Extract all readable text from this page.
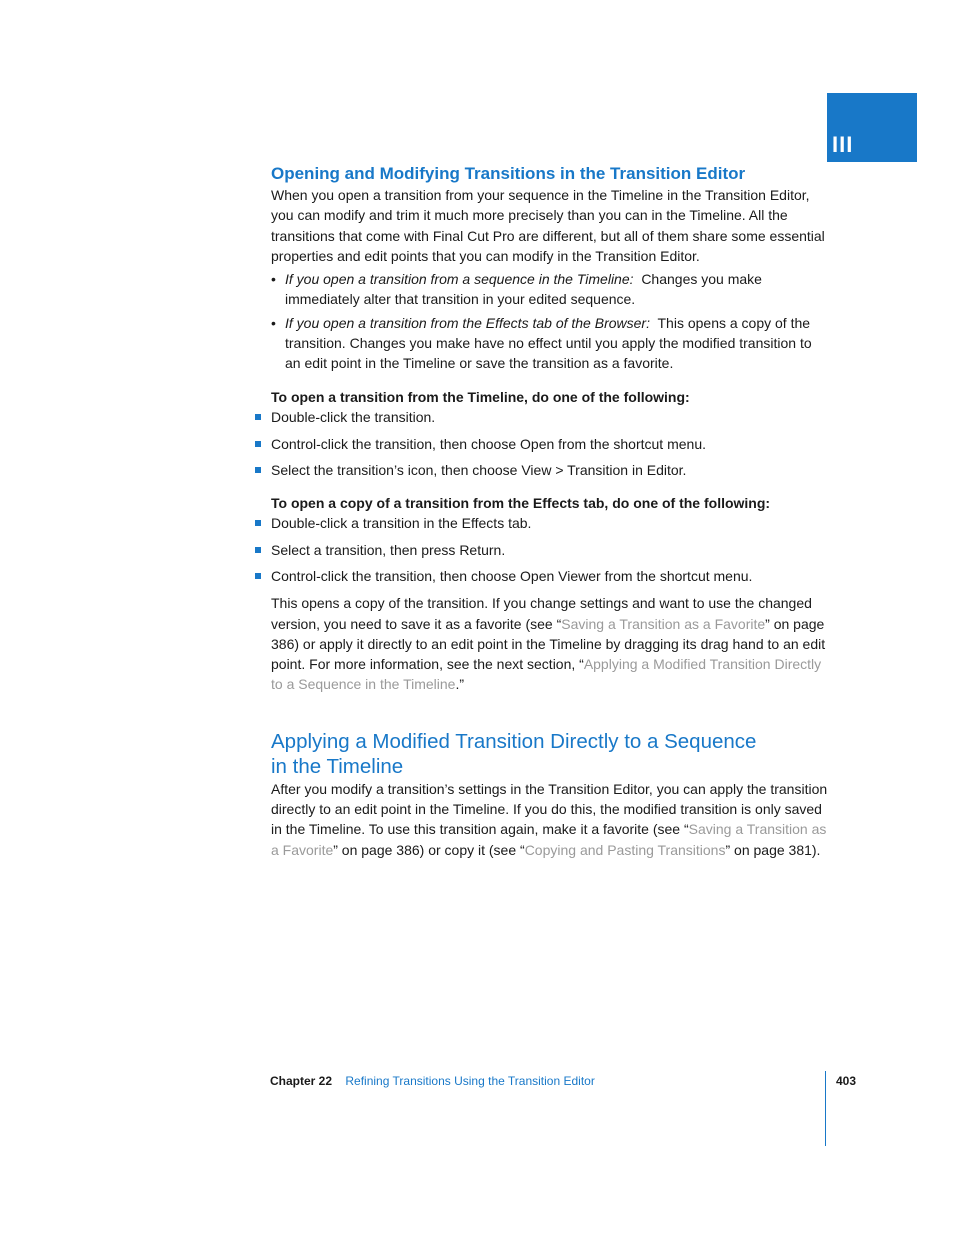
III
Opening and Modifying Transitions in the Transition Editor

When you open a transition from your sequence in the Timeline in the Transition Editor, you can modify and trim it much more precisely than you can in the Timeline. All the transitions that come with Final Cut Pro are different, but all of them share some essential properties and edit points that you can modify in the Transition Editor.

• If you open a transition from a sequence in the Timeline: Changes you make immediately alter that transition in your edited sequence.
• If you open a transition from the Effects tab of the Browser: This opens a copy of the transition. Changes you make have no effect until you apply the modified transition to an edit point in the Timeline or save the transition as a favorite.

To open a transition from the Timeline, do one of the following:

Double-click the transition.
Control-click the transition, then choose Open from the shortcut menu.
Select the transition’s icon, then choose View > Transition in Editor.

To open a copy of a transition from the Effects tab, do one of the following:

Double-click a transition in the Effects tab.
Select a transition, then press Return.
Control-click the transition, then choose Open Viewer from the shortcut menu.

This opens a copy of the transition. If you change settings and want to use the changed version, you need to save it as a favorite (see “Saving a Transition as a Favorite” on page 386) or apply it directly to an edit point in the Timeline by dragging its drag hand to an edit point. For more information, see the next section, “Applying a Modified Transition Directly to a Sequence in the Timeline.”

Applying a Modified Transition Directly to a Sequence
in the Timeline

After you modify a transition’s settings in the Transition Editor, you can apply the transition directly to an edit point in the Timeline. If you do this, the modified transition is only saved in the Timeline. To use this transition again, make it a favorite (see “Saving a Transition as a Favorite” on page 386) or copy it (see “Copying and Pasting Transitions” on page 381).

Chapter 22 Refining Transitions Using the Transition Editor	403
